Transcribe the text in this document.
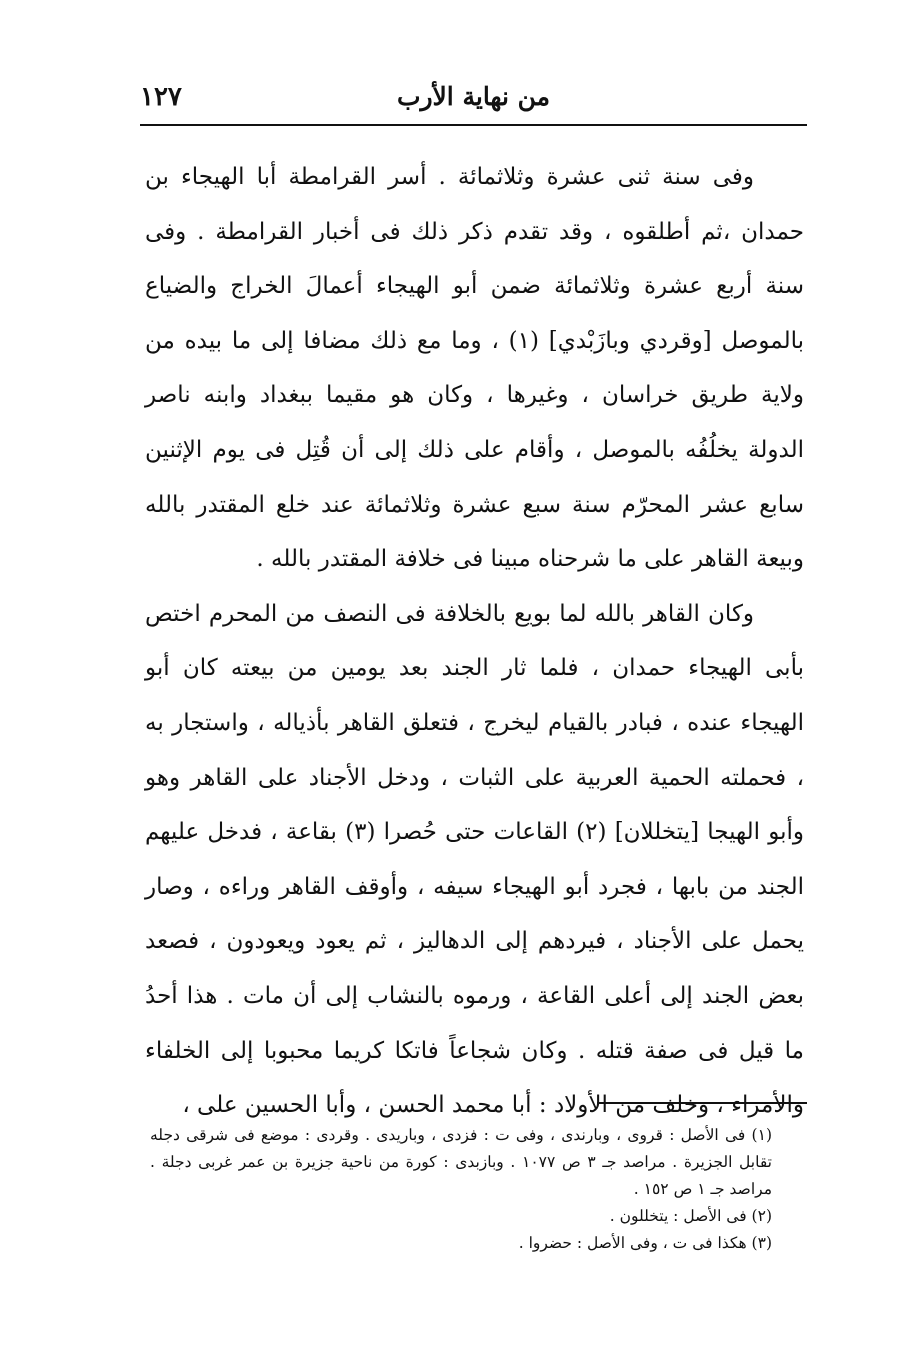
١٢٧	من نهاية الأرب

وفى سنة ثنى عشرة وثلاثمائة . أسر القرامطة أبا الهيجاء بن حمدان ،ثم أطلقوه ، وقد تقدم ذكر ذلك فى أخبار القرامطة . وفى سنة أربع عشرة وثلاثمائة ضمن أبو الهيجاء أعمالَ الخراج والضياع بالموصل [وقردي وبازَبْدي] (١) ، وما مع ذلك مضافا إلى ما بيده من ولاية طريق خراسان ، وغيرها ، وكان هو مقيما ببغداد وابنه ناصر الدولة يخلُفُه بالموصل ، وأقام على ذلك إلى أن قُتِل فى يوم الإثنين سابع عشر المحرّم سنة سبع عشرة وثلاثمائة عند خلع المقتدر بالله وبيعة القاهر على ما شرحناه مبينا فى خلافة المقتدر بالله .

وكان القاهر بالله لما بويع بالخلافة فى النصف من المحرم اختص بأبى الهيجاء حمدان ، فلما ثار الجند بعد يومين من بيعته كان أبو الهيجاء عنده ، فبادر بالقيام ليخرج ، فتعلق القاهر بأذياله ، واستجار به ، فحملته الحمية العربية على الثبات ، ودخل الأجناد على القاهر وهو وأبو الهيجا [يتخللان] (٢) القاعات حتى حُصرا (٣) بقاعة ، فدخل عليهم الجند من بابها ، فجرد أبو الهيجاء سيفه ، وأوقف القاهر وراءه ، وصار يحمل على الأجناد ، فيردهم إلى الدهاليز ، ثم يعود ويعودون ، فصعد بعض الجند إلى أعلى القاعة ، ورموه بالنشاب إلى أن مات . هذا أحدُ ما قيل فى صفة قتله . وكان شجاعاً فاتكا كريما محبوبا إلى الخلفاء والأمراء ، وخلف من الأولاد : أبا محمد الحسن ، وأبا الحسين على ،

(١) فى الأصل : قروى ، وبارندى ، وفى ت : فزدى ، وباريدى . وقردى : موضع فى شرقى دجله تقابل الجزيرة . مراصد جـ ٣ ص ١٠٧٧ . وبازبدى : كورة من ناحية جزيرة بن عمر غربى دجلة . مراصد جـ ١ ص ١٥٢ .

(٢) فى الأصل : يتخللون .

(٣) هكذا فى ت ، وفى الأصل : حضروا .
